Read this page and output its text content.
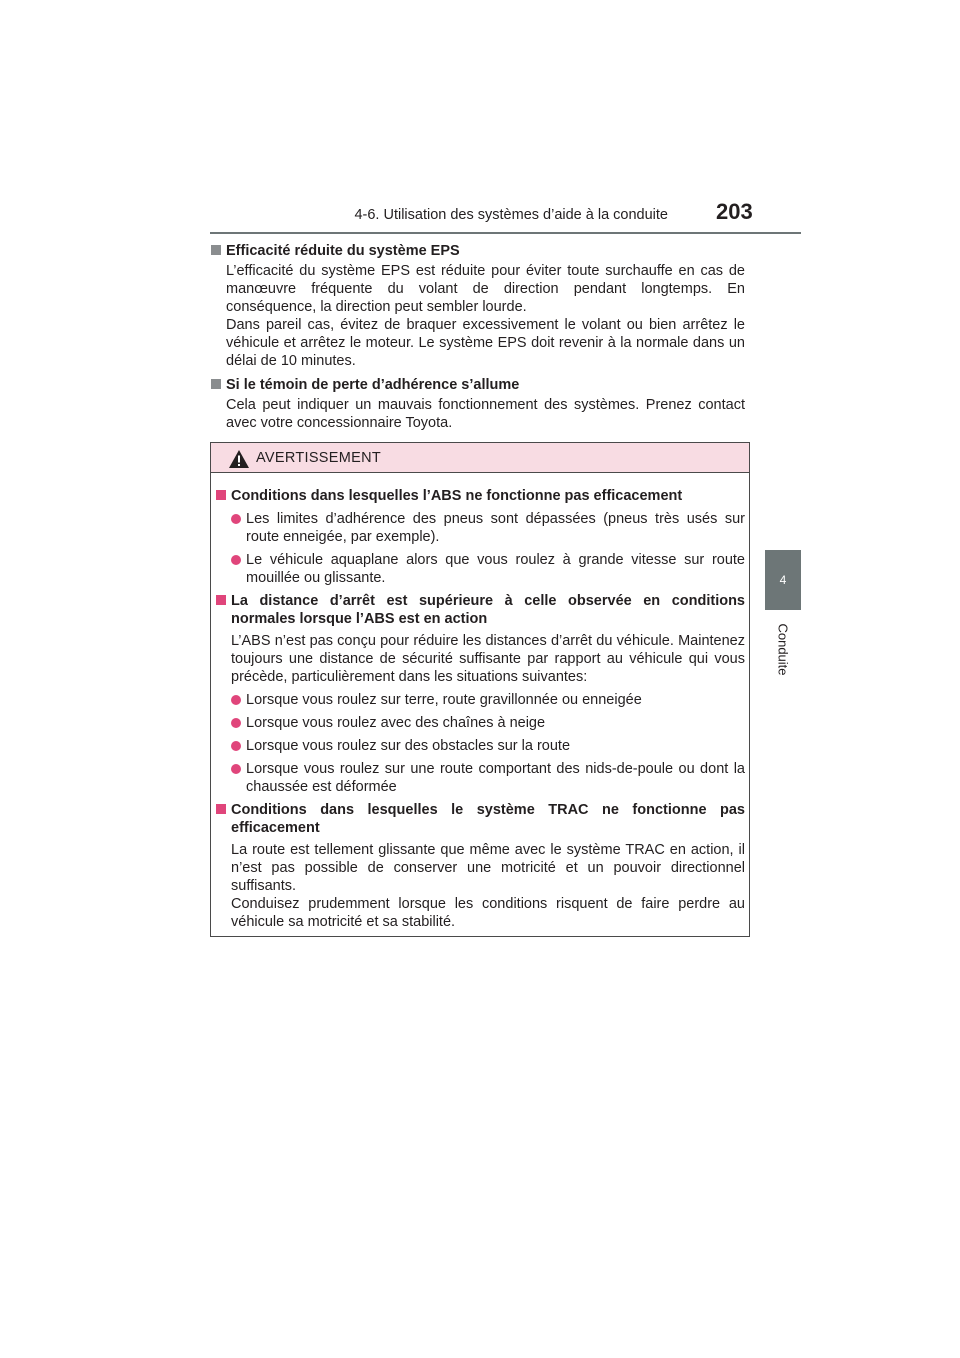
4-6. Utilisation des systèmes d’aide à la conduite 203
4
Conduite
Efficacité réduite du système EPS
L’efficacité du système EPS est réduite pour éviter toute surchauffe en cas de manœuvre fréquente du volant de direction pendant longtemps. En conséquence, la direction peut sembler lourde.
Dans pareil cas, évitez de braquer excessivement le volant ou bien arrêtez le véhicule et arrêtez le moteur. Le système EPS doit revenir à la normale dans un délai de 10 minutes.
Si le témoin de perte d’adhérence s’allume
Cela peut indiquer un mauvais fonctionnement des systèmes. Prenez contact avec votre concessionnaire Toyota.
AVERTISSEMENT
Conditions dans lesquelles l’ABS ne fonctionne pas efficacement
Les limites d’adhérence des pneus sont dépassées (pneus très usés sur route enneigée, par exemple).
Le véhicule aquaplane alors que vous roulez à grande vitesse sur route mouillée ou glissante.
La distance d’arrêt est supérieure à celle observée en conditions normales lorsque l’ABS est en action
L’ABS n’est pas conçu pour réduire les distances d’arrêt du véhicule. Maintenez toujours une distance de sécurité suffisante par rapport au véhicule qui vous précède, particulièrement dans les situations suivantes:
Lorsque vous roulez sur terre, route gravillonnée ou enneigée
Lorsque vous roulez avec des chaînes à neige
Lorsque vous roulez sur des obstacles sur la route
Lorsque vous roulez sur une route comportant des nids-de-poule ou dont la chaussée est déformée
Conditions dans lesquelles le système TRAC ne fonctionne pas efficacement
La route est tellement glissante que même avec le système TRAC en action, il n’est pas possible de conserver une motricité et un pouvoir directionnel suffisants.
Conduisez prudemment lorsque les conditions risquent de faire perdre au véhicule sa motricité et sa stabilité.
